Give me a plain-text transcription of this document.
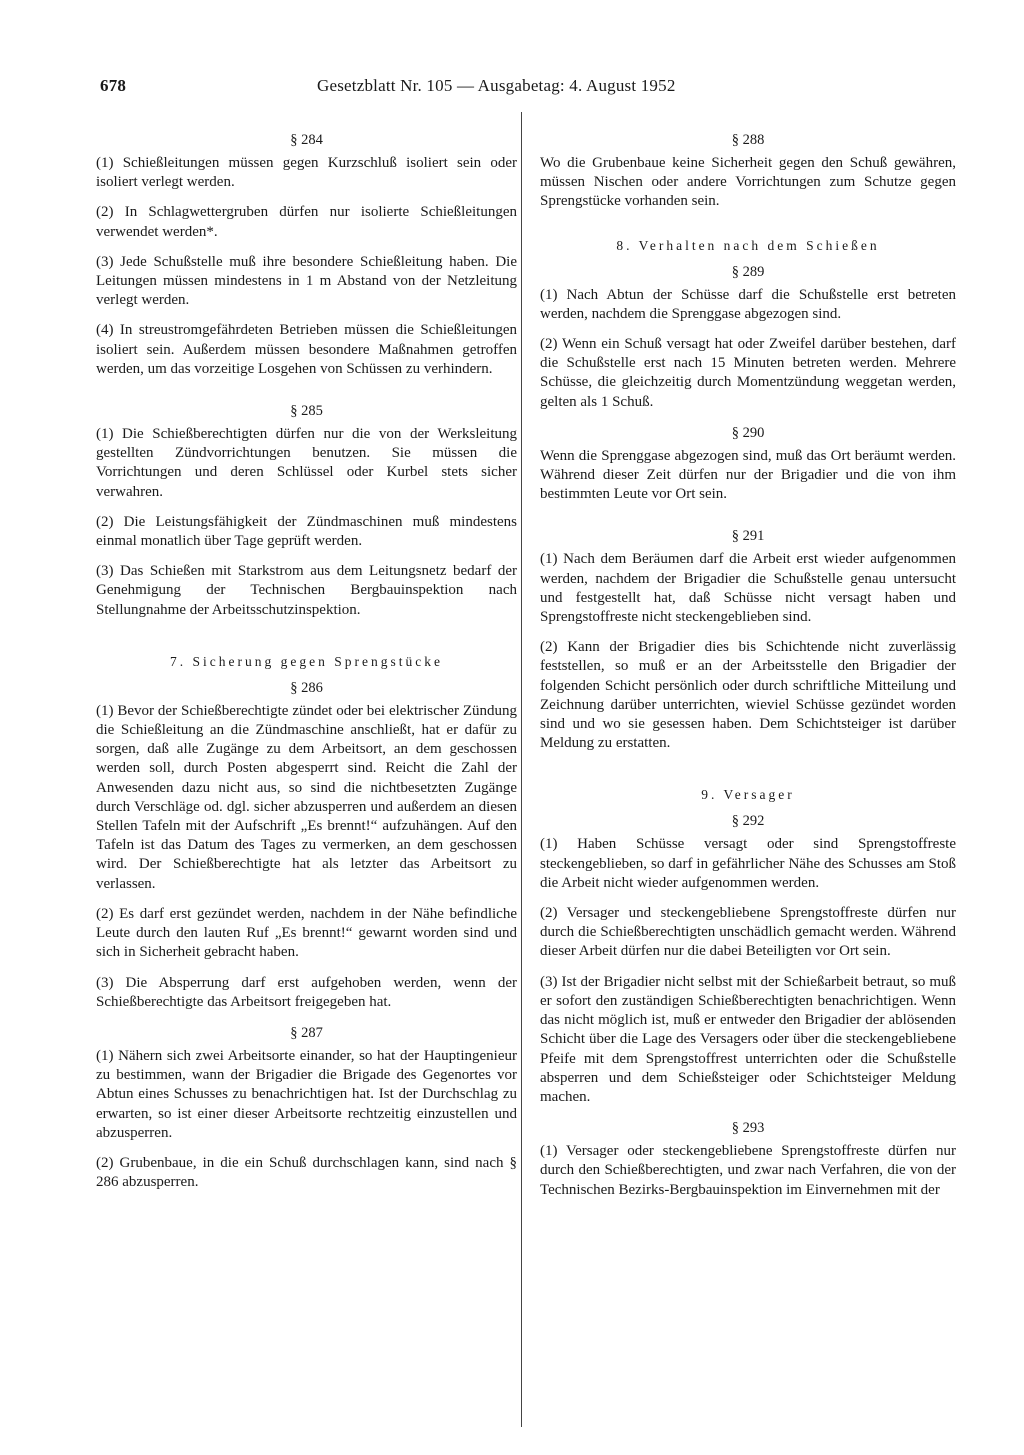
678	Gesetzblatt Nr. 105 — Ausgabetag: 4. August 1952
§ 284

(1) Schießleitungen müssen gegen Kurzschluß isoliert sein oder isoliert verlegt werden.

(2) In Schlagwettergruben dürfen nur isolierte Schießleitungen verwendet werden*.

(3) Jede Schußstelle muß ihre besondere Schießleitung haben. Die Leitungen müssen mindestens in 1 m Abstand von der Netzleitung verlegt werden.

(4) In streustromgefährdeten Betrieben müssen die Schießleitungen isoliert sein. Außerdem müssen besondere Maßnahmen getroffen werden, um das vorzeitige Losgehen von Schüssen zu verhindern.

§ 285

(1) Die Schießberechtigten dürfen nur die von der Werksleitung gestellten Zündvorrichtungen benutzen. Sie müssen die Vorrichtungen und deren Schlüssel oder Kurbel stets sicher verwahren.

(2) Die Leistungsfähigkeit der Zündmaschinen muß mindestens einmal monatlich über Tage geprüft werden.

(3) Das Schießen mit Starkstrom aus dem Leitungsnetz bedarf der Genehmigung der Technischen Bergbauinspektion nach Stellungnahme der Arbeitsschutzinspektion.

7. Sicherung gegen Sprengstücke
§ 286

(1) Bevor der Schießberechtigte zündet oder bei elektrischer Zündung die Schießleitung an die Zündmaschine anschließt, hat er dafür zu sorgen, daß alle Zugänge zu dem Arbeitsort, an dem geschossen werden soll, durch Posten abgesperrt sind. Reicht die Zahl der Anwesenden dazu nicht aus, so sind die nichtbesetzten Zugänge durch Verschläge od. dgl. sicher abzusperren und außerdem an diesen Stellen Tafeln mit der Aufschrift „Es brennt!“ aufzuhängen. Auf den Tafeln ist das Datum des Tages zu vermerken, an dem geschossen wird. Der Schießberechtigte hat als letzter das Arbeitsort zu verlassen.

(2) Es darf erst gezündet werden, nachdem in der Nähe befindliche Leute durch den lauten Ruf „Es brennt!“ gewarnt worden sind und sich in Sicherheit gebracht haben.

(3) Die Absperrung darf erst aufgehoben werden, wenn der Schießberechtigte das Arbeitsort freigegeben hat.

§ 287

(1) Nähern sich zwei Arbeitsorte einander, so hat der Hauptingenieur zu bestimmen, wann der Brigadier die Brigade des Gegenortes vor Abtun eines Schusses zu benachrichtigen hat. Ist der Durchschlag zu erwarten, so ist einer dieser Arbeitsorte rechtzeitig einzustellen und abzusperren.

(2) Grubenbaue, in die ein Schuß durchschlagen kann, sind nach § 286 abzusperren.

§ 288

Wo die Grubenbaue keine Sicherheit gegen den Schuß gewähren, müssen Nischen oder andere Vorrichtungen zum Schutze gegen Sprengstücke vorhanden sein.

8. Verhalten nach dem Schießen
§ 289

(1) Nach Abtun der Schüsse darf die Schußstelle erst betreten werden, nachdem die Sprenggase abgezogen sind.

(2) Wenn ein Schuß versagt hat oder Zweifel darüber bestehen, darf die Schußstelle erst nach 15 Minuten betreten werden. Mehrere Schüsse, die gleichzeitig durch Momentzündung weggetan werden, gelten als 1 Schuß.

§ 290

Wenn die Sprenggase abgezogen sind, muß das Ort beräumt werden. Während dieser Zeit dürfen nur der Brigadier und die von ihm bestimmten Leute vor Ort sein.

§ 291

(1) Nach dem Beräumen darf die Arbeit erst wieder aufgenommen werden, nachdem der Brigadier die Schußstelle genau untersucht und festgestellt hat, daß Schüsse nicht versagt haben und Sprengstoffreste nicht steckengeblieben sind.

(2) Kann der Brigadier dies bis Schichtende nicht zuverlässig feststellen, so muß er an der Arbeitsstelle den Brigadier der folgenden Schicht persönlich oder durch schriftliche Mitteilung und Zeichnung darüber unterrichten, wieviel Schüsse gezündet worden sind und wo sie gesessen haben. Dem Schichtsteiger ist darüber Meldung zu erstatten.

9. Versager
§ 292

(1) Haben Schüsse versagt oder sind Sprengstoffreste steckengeblieben, so darf in gefährlicher Nähe des Schusses am Stoß die Arbeit nicht wieder aufgenommen werden.

(2) Versager und steckengebliebene Sprengstoffreste dürfen nur durch die Schießberechtigten unschädlich gemacht werden. Während dieser Arbeit dürfen nur die dabei Beteiligten vor Ort sein.

(3) Ist der Brigadier nicht selbst mit der Schießarbeit betraut, so muß er sofort den zuständigen Schießberechtigten benachrichtigen. Wenn das nicht möglich ist, muß er entweder den Brigadier der ablösenden Schicht über die Lage des Versagers oder über die steckengebliebene Pfeife mit dem Sprengstoffrest unterrichten oder die Schußstelle absperren und dem Schießsteiger oder Schichtsteiger Meldung machen.

§ 293

(1) Versager oder steckengebliebene Sprengstoffreste dürfen nur durch den Schießberechtigten, und zwar nach Verfahren, die von der Technischen Bezirks-Bergbauinspektion im Einvernehmen mit der
